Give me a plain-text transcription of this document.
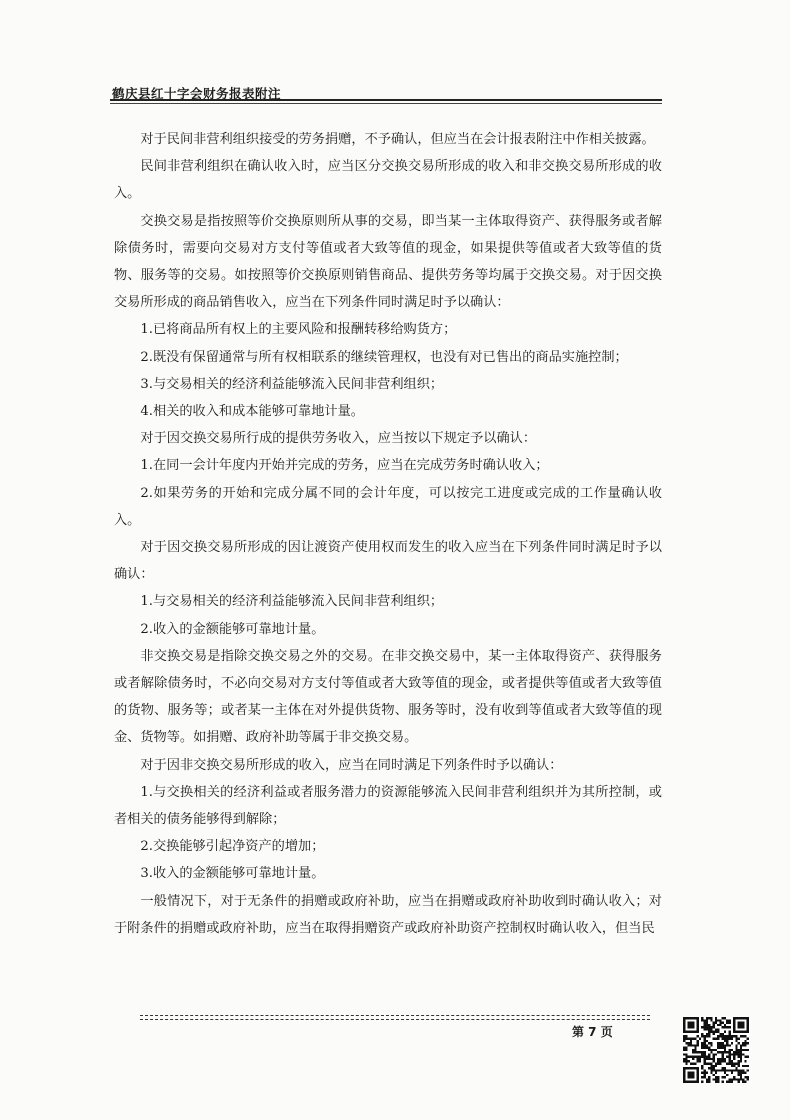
鹤庆县红十字会财务报表附注

对于民间非营利组织接受的劳务捐赠，不予确认，但应当在会计报表附注中作相关披露。

民间非营利组织在确认收入时，应当区分交换交易所形成的收入和非交换交易所形成的收入。

交换交易是指按照等价交换原则所从事的交易，即当某一主体取得资产、获得服务或者解除债务时，需要向交易对方支付等值或者大致等值的现金，如果提供等值或者大致等值的货物、服务等的交易。如按照等价交换原则销售商品、提供劳务等均属于交换交易。对于因交换交易所形成的商品销售收入，应当在下列条件同时满足时予以确认：

1.已将商品所有权上的主要风险和报酬转移给购货方；

2.既没有保留通常与所有权相联系的继续管理权，也没有对已售出的商品实施控制；

3.与交易相关的经济利益能够流入民间非营利组织；

4.相关的收入和成本能够可靠地计量。

对于因交换交易所行成的提供劳务收入，应当按以下规定予以确认：

1.在同一会计年度内开始并完成的劳务，应当在完成劳务时确认收入；

2.如果劳务的开始和完成分属不同的会计年度，可以按完工进度或完成的工作量确认收入。

对于因交换交易所形成的因让渡资产使用权而发生的收入应当在下列条件同时满足时予以确认：

1.与交易相关的经济利益能够流入民间非营利组织；

2.收入的金额能够可靠地计量。

非交换交易是指除交换交易之外的交易。在非交换交易中，某一主体取得资产、获得服务或者解除债务时，不必向交易对方支付等值或者大致等值的现金，或者提供等值或者大致等值的货物、服务等；或者某一主体在对外提供货物、服务等时，没有收到等值或者大致等值的现金、货物等。如捐赠、政府补助等属于非交换交易。

对于因非交换交易所形成的收入，应当在同时满足下列条件时予以确认：

1.与交换相关的经济利益或者服务潜力的资源能够流入民间非营利组织并为其所控制，或者相关的债务能够得到解除；

2.交换能够引起净资产的增加；

3.收入的金额能够可靠地计量。

一般情况下，对于无条件的捐赠或政府补助，应当在捐赠或政府补助收到时确认收入；对于附条件的捐赠或政府补助，应当在取得捐赠资产或政府补助资产控制权时确认收入，但当民

第 7 页
